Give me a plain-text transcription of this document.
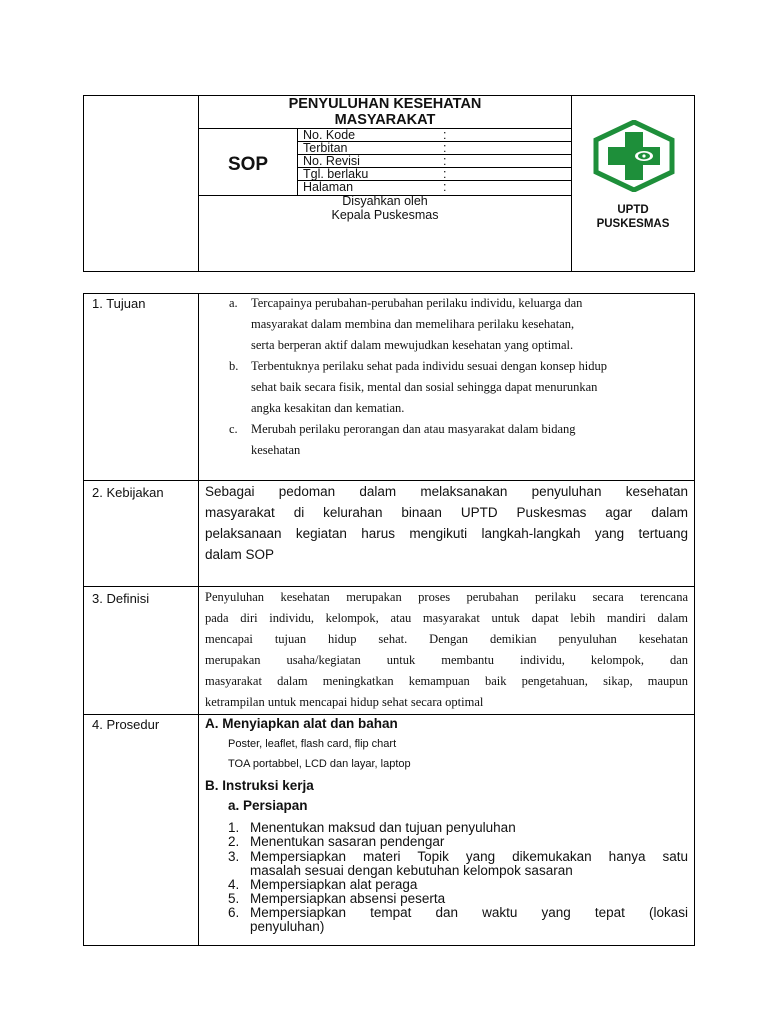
PENYULUHAN KESEHATAN
MASYARAKAT
SOP
No. Kode	:
Terbitan	:
No. Revisi	:
Tgl. berlaku	:
Halaman	:
Disyahkan oleh
Kepala Puskesmas	UPTD
PUSKESMAS
1. Tujuan	a. Tercapainya perubahan-perubahan perilaku individu, keluarga dan
masyarakat dalam membina dan memelihara perilaku kesehatan,
serta berperan aktif dalam mewujudkan kesehatan yang optimal.
b. Terbentuknya perilaku sehat pada individu sesuai dengan konsep hidup
sehat baik secara fisik, mental dan sosial sehingga dapat menurunkan
angka kesakitan dan kematian.
c. Merubah perilaku perorangan dan atau masyarakat dalam bidang
kesehatan
2. Kebijakan	Sebagai pedoman dalam melaksanakan penyuluhan kesehatan
masyarakat di kelurahan binaan UPTD Puskesmas agar dalam
pelaksanaan kegiatan harus mengikuti langkah-langkah yang tertuang
dalam SOP
3. Definisi	Penyuluhan kesehatan merupakan proses perubahan perilaku secara terencana
pada diri individu, kelompok, atau masyarakat untuk dapat lebih mandiri dalam
mencapai tujuan hidup sehat. Dengan demikian penyuluhan kesehatan
merupakan usaha/kegiatan untuk membantu individu, kelompok, dan
masyarakat dalam meningkatkan kemampuan baik pengetahuan, sikap, maupun
ketrampilan untuk mencapai hidup sehat secara optimal
4. Prosedur	A. Menyiapkan alat dan bahan
Poster, leaflet, flash card, flip chart
TOA portabbel, LCD dan layar, laptop
B. Instruksi kerja
a. Persiapan
1. Menentukan maksud dan tujuan penyuluhan
2. Menentukan sasaran pendengar
3. Mempersiapkan materi Topik yang dikemukakan hanya satu
masalah sesuai dengan kebutuhan kelompok sasaran
4. Mempersiapkan alat peraga
5. Mempersiapkan absensi peserta
6. Mempersiapkan tempat dan waktu yang tepat (lokasi
penyuluhan)
